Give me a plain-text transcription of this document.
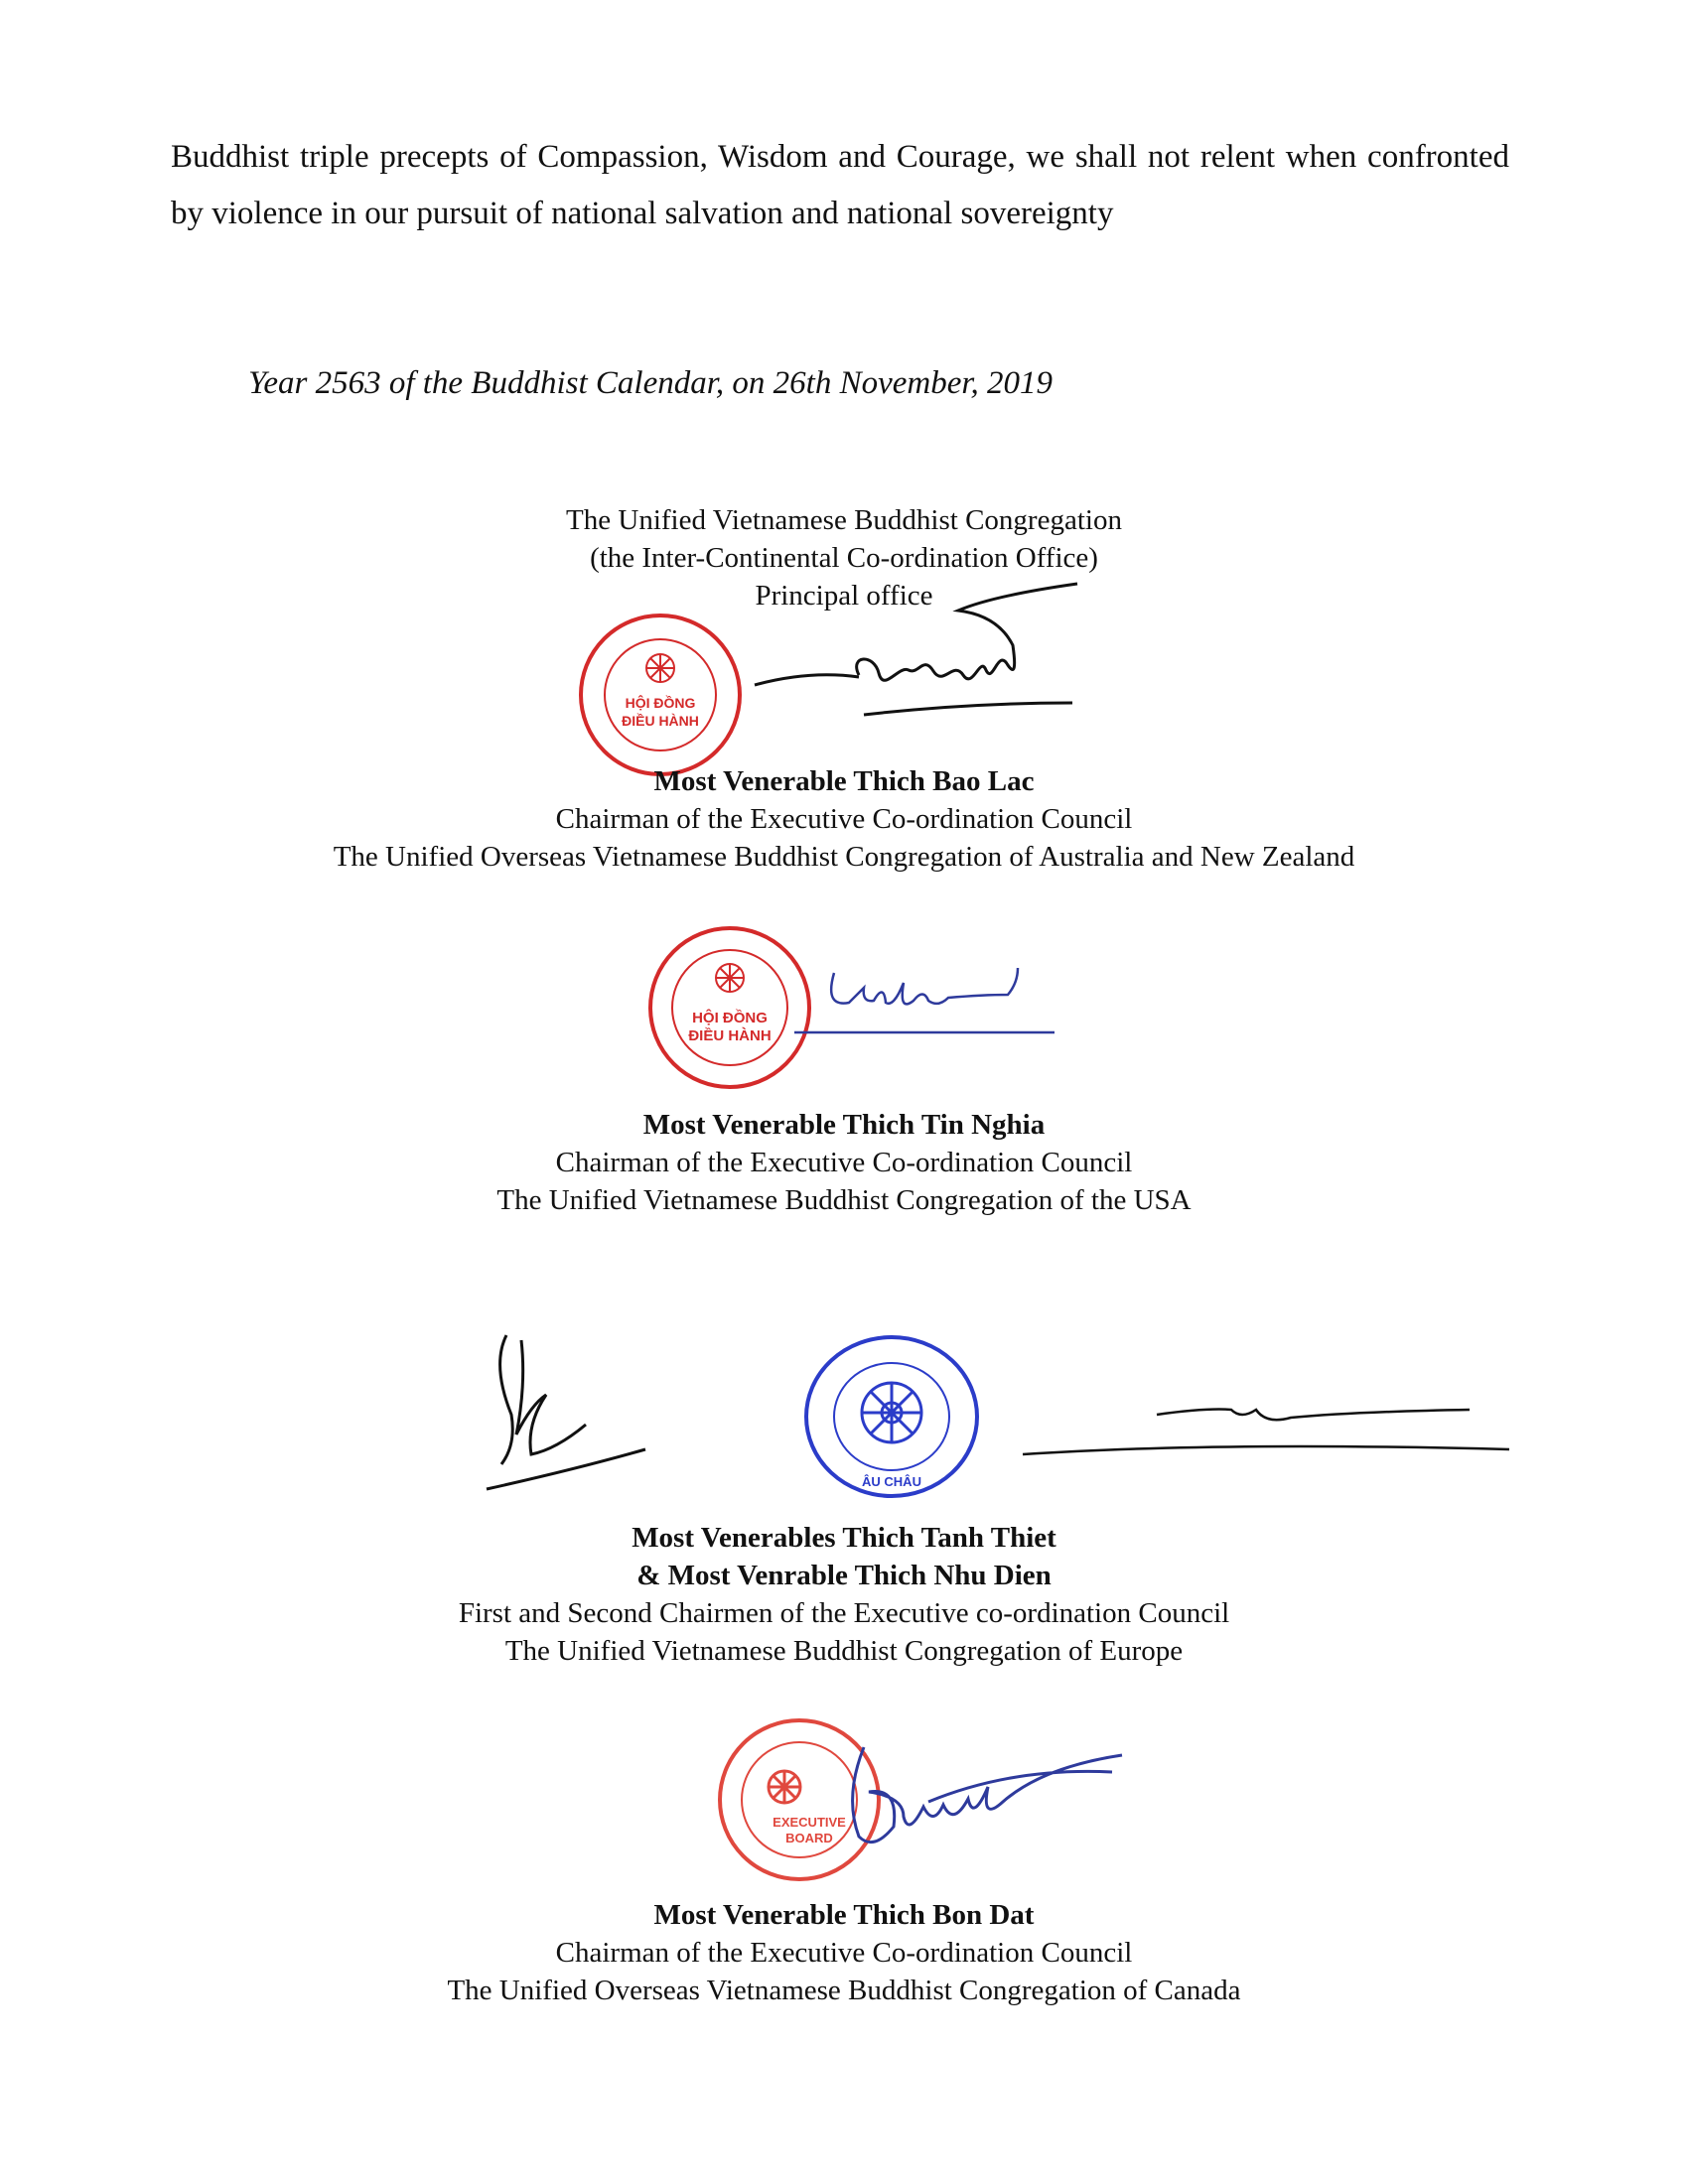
Buddhist triple precepts of Compassion, Wisdom and Courage, we shall not relent when confronted by violence in our pursuit of national salvation and national sovereignty

Year 2563 of the Buddhist Calendar, on 26th November, 2019

The Unified Vietnamese Buddhist Congregation

(the Inter-Continental Co-ordination Office)

Principal office

HỘI ĐỒNG
ĐIỀU HÀNH

Most Venerable Thich Bao Lac

Chairman of the Executive Co-ordination Council

The Unified Overseas Vietnamese Buddhist Congregation of Australia and New Zealand

HỘI ĐỒNG
ĐIỀU HÀNH

Most Venerable Thich Tin Nghia

Chairman of the Executive Co-ordination Council

The Unified Vietnamese Buddhist Congregation of the USA

ÂU CHÂU

Most Venerables Thich Tanh Thiet

& Most Venrable Thich Nhu Dien

First and Second Chairmen of the Executive co-ordination Council

The Unified Vietnamese Buddhist Congregation of Europe

EXECUTIVE
BOARD

Most Venerable Thich Bon Dat

Chairman of the Executive Co-ordination Council

The Unified Overseas Vietnamese Buddhist Congregation of Canada
